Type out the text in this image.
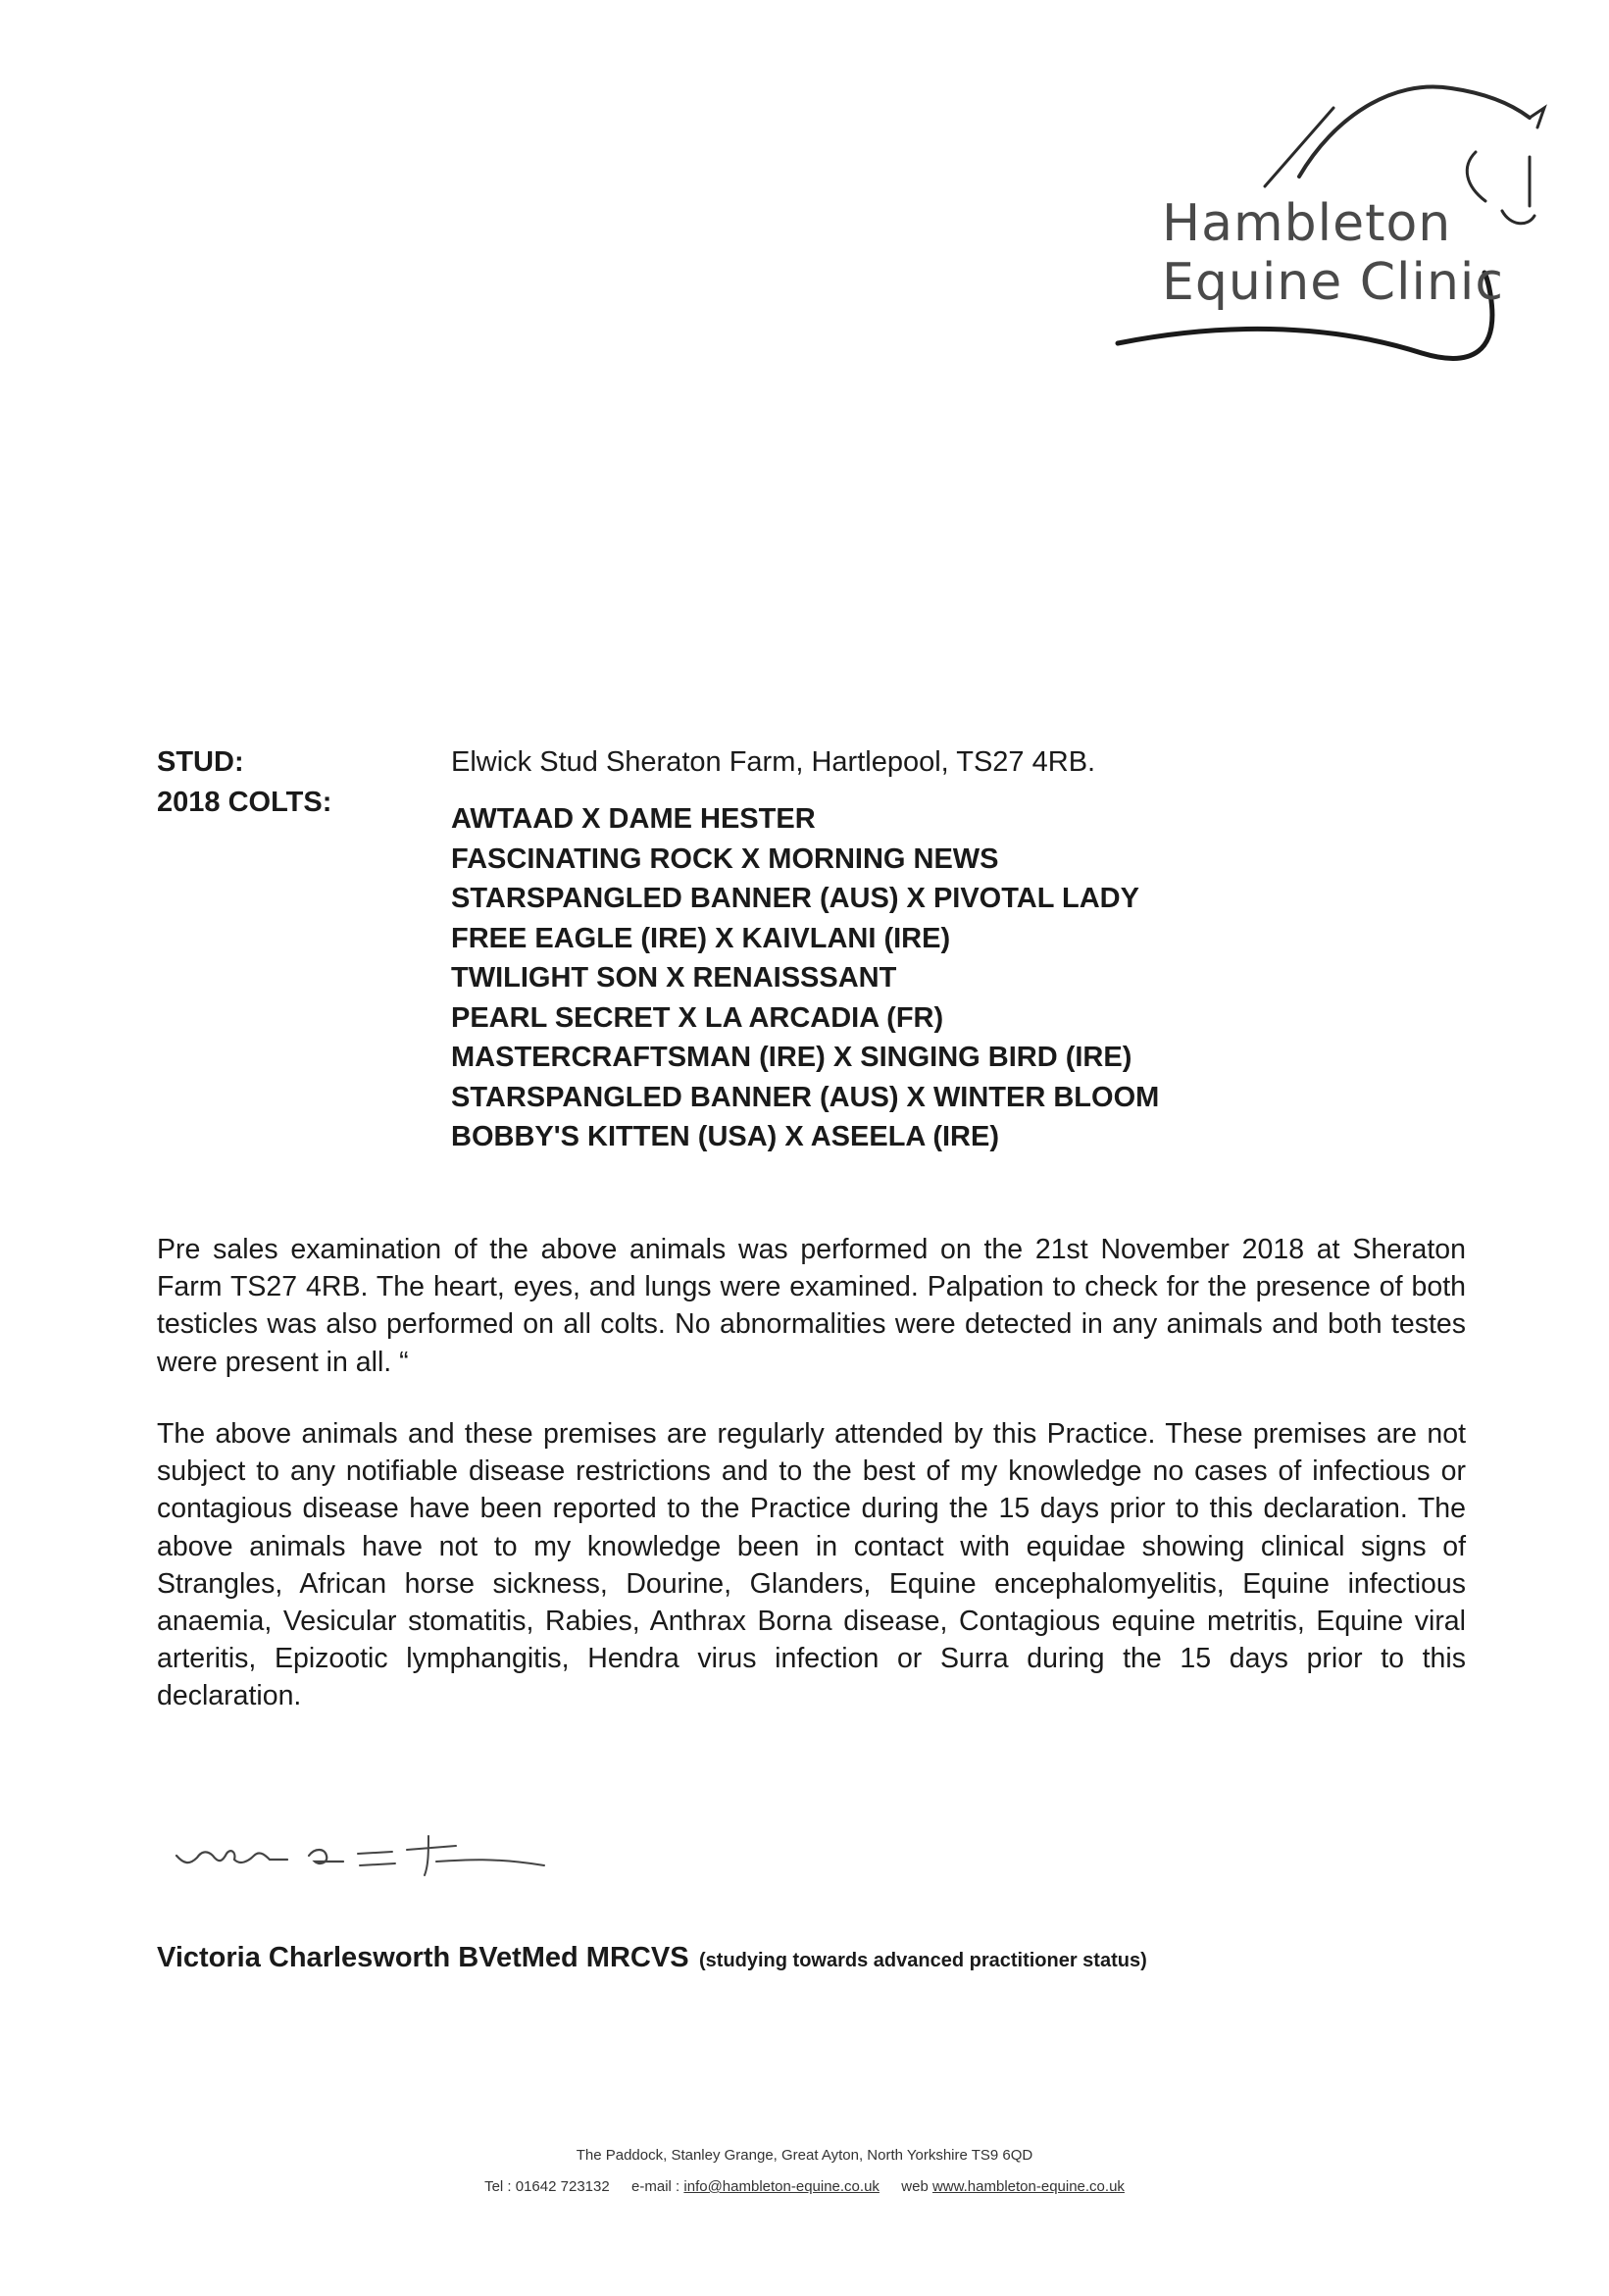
Hambleton
Equine Clinic
STUD:
2018 COLTS:
Elwick Stud Sheraton Farm, Hartlepool, TS27 4RB.
AWTAAD X DAME HESTER
FASCINATING ROCK X MORNING NEWS
STARSPANGLED BANNER (AUS) X PIVOTAL LADY
FREE EAGLE (IRE) X KAIVLANI (IRE)
TWILIGHT SON X RENAISSSANT
PEARL SECRET X LA ARCADIA (FR)
MASTERCRAFTSMAN (IRE) X SINGING BIRD (IRE)
STARSPANGLED BANNER (AUS) X WINTER BLOOM
BOBBY'S KITTEN (USA) X ASEELA (IRE)

Pre sales examination of the above animals was performed on the 21st November 2018 at Sheraton Farm TS27 4RB. The heart, eyes, and lungs were examined. Palpation to check for the presence of both testicles was also performed on all colts. No abnormalities were detected in any animals and both testes were present in all. “

The above animals and these premises are regularly attended by this Practice. These premises are not subject to any notifiable disease restrictions and to the best of my knowledge no cases of infectious or contagious disease have been reported to the Practice during the 15 days prior to this declaration. The above animals have not to my knowledge been in contact with equidae showing clinical signs of Strangles, African horse sickness, Dourine, Glanders, Equine encephalomyelitis, Equine infectious anaemia, Vesicular stomatitis, Rabies, Anthrax Borna disease, Contagious equine metritis, Equine viral arteritis, Epizootic lymphangitis, Hendra virus infection or Surra during the 15 days prior to this declaration.

Victoria Charlesworth BVetMed MRCVS (studying towards advanced practitioner status)
The Paddock, Stanley Grange, Great Ayton, North Yorkshire TS9 6QD
Tel : 01642 723132 e-mail : info@hambleton-equine.co.uk web www.hambleton-equine.co.uk
